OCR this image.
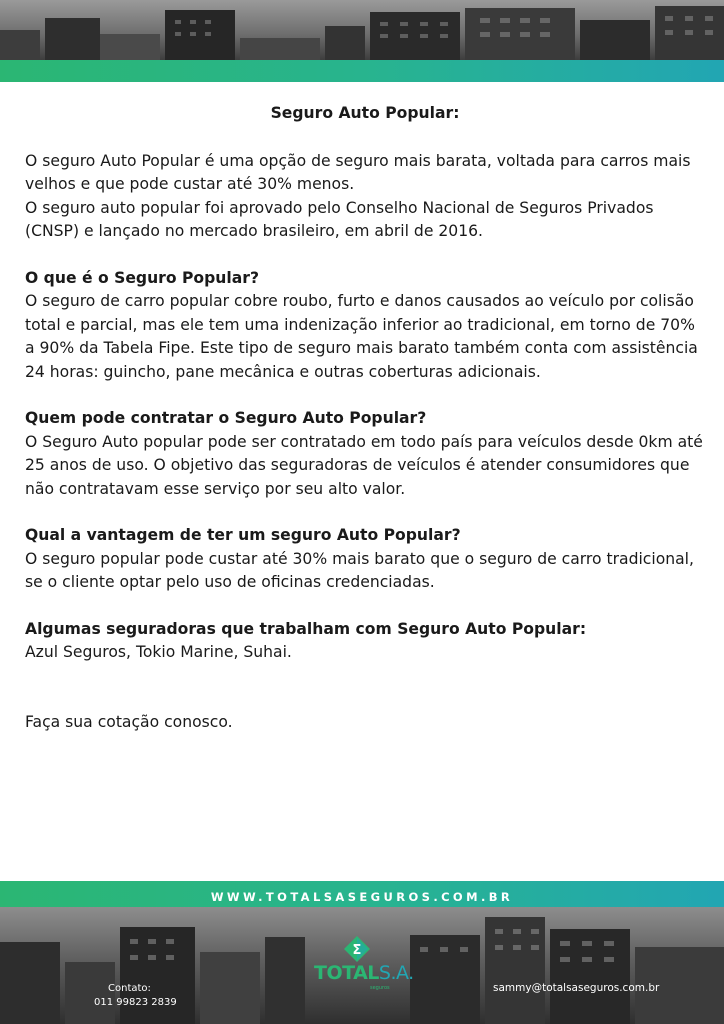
Seguro Auto Popular:

O seguro Auto Popular é uma opção de seguro mais barata, voltada para carros mais velhos e que pode custar até 30% menos.

O seguro auto popular foi aprovado pelo Conselho Nacional de Seguros Privados (CNSP) e lançado no mercado brasileiro, em abril de 2016.

O que é o Seguro Popular?

O seguro de carro popular cobre roubo, furto e danos causados ao veículo por colisão total e parcial, mas ele tem uma indenização inferior ao tradicional, em torno de 70% a 90% da Tabela Fipe. Este tipo de seguro mais barato também conta com assistência 24 horas: guincho, pane mecânica e outras coberturas adicionais.

Quem pode contratar o Seguro Auto Popular?

O Seguro Auto popular pode ser contratado em todo país para veículos desde 0km até 25 anos de uso. O objetivo das seguradoras de veículos é atender consumidores que não contratavam esse serviço por seu alto valor.

Qual a vantagem de ter um seguro Auto Popular?

O seguro popular pode custar até 30% mais barato que o seguro de carro tradicional, se o cliente optar pelo uso de oficinas credenciadas.

Algumas seguradoras que trabalham com Seguro Auto Popular:

Azul Seguros, Tokio Marine, Suhai.

Faça sua cotação conosco.

WWW.TOTALSASEGUROS.COM.BR
Contato:
011 99823 2839
sammy@totalsaseguros.com.br
Σ
TOTALS.A.
seguros
